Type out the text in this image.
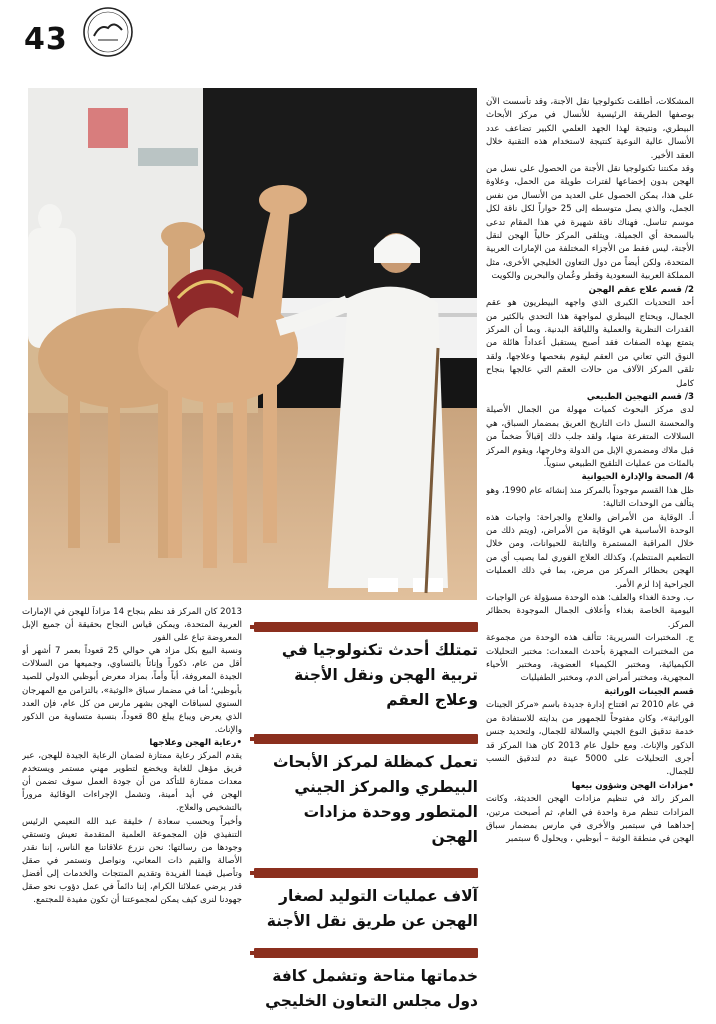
43

المشكلات، أطلقت تكنولوجيا نقل الأجنة، وقد تأسست الآن بوصفها الطريقة الرئيسية للأنسال في مركز الأبحاث البيطري، ونتيجة لهذا الجهد العلمي الكبير تضاعف عدد الأنسال عالية النوعية كنتيجة لاستخدام هذه التقنية خلال العقد الأخير.

وقد مكنتنا تكنولوجيا نقل الأجنة من الحصول على نسل من الهجن بدون إخضاعها لفترات طويلة من الحمل، وعلاوة على هذا، يمكن الحصول على العديد من الأنسال من نفس الجمل، والذي يصل متوسطه إلى 25 حواراً لكل ناقة لكل موسم تناسل. فهناك ناقة شهيرة في هذا المقام تدعى بالسمحة أي الجميلة. ويتلقى المركز حالياً الهجن لنقل الأجنة، ليس فقط من الأجزاء المختلفة من الإمارات العربية المتحدة، ولكن أيضاً من دول التعاون الخليجي الأخرى، مثل المملكة العربية السعودية وقطر وعُمان والبحرين والكويت

2/ قسم علاج عقم الهجن

أحد التحديات الكبرى الذي واجهه البيطريون هو عقم الجمال، ويحتاج البيطري لمواجهة هذا التحدي بالكثير من القدرات النظرية والعملية واللياقة البدنية. وبما أن المركز يتمتع بهذه الصفات فقد أصبح يستقبل أعداداً هائلة من النوق التي تعاني من العقم ليقوم بفحصها وعلاجها، ولقد تلقى المركز الآلاف من حالات العقم التي عالجها بنجاح كامل

3/ قسم التهجين الطبيعي

لدى مركز البحوث كميات مهولة من الجمال الأصيلة والمحسنة النسل ذات التاريخ العريق بمضمار السباق، هي السلالات المتفرعة منها، ولقد جلب ذلك إقبالاً ضخماً من قبل ملاك ومضمري الإبل من الدولة وخارجها، ويقوم المركز بالمئات من عمليات التلقيح الطبيعي سنوياً.

4/ الصحة والإدارة الحيوانية

ظل هذا القسم موجوداً بالمركز منذ إنشائه عام 1990، وهو يتألف من الوحدات التالية:

أ. الوقاية من الأمراض والعلاج والجراحة: واجبات هذه الوحدة الأساسية هي الوقاية من الأمراض، (ويتم ذلك من خلال المراقبة المستمرة والثابتة للحيوانات، ومن خلال التطعيم المنتظم)، وكذلك العلاج الفوري لما يصيب أي من الهجن بحظائر المركز من مرض، بما في ذلك العمليات الجراحية إذا لزم الأمر.

ب. وحدة الغذاء والعلف: هذه الوحدة مسؤولة عن الواجبات اليومية الخاصة بغذاء وأعلاف الجمال الموجودة بحظائر المركز.

ج. المختبرات السريرية: تتألف هذه الوحدة من مجموعة من المختبرات المجهزة بأحدث المعدات: مختبر التحليلات الكيميائية، ومختبر الكيمياء العضوية، ومختبر الأحياء المجهرية، ومختبر أمراض الدم، ومختبر الطفيليات

قسم الجينات الوراثية

في عام 2010 تم افتتاح إدارة جديدة باسم «مركز الجينات الوراثية»، وكان مفتوحاً للجمهور من بدايته للاستفادة من خدمة تدقيق النوع الجيني والسلالة للجمال، ولتحديد جنس الذكور والإناث. ومع حلول عام 2013 كان هذا المركز قد أجرى التحليلات على 5000 عينة دم لتدقيق النسب للجمال.

•مزادات الهجن وشؤون بيعها

المركز رائد في تنظيم مزادات الهجن الحديثة، وكانت المزادات تنظم مرة واحدة في العام، ثم أصبحت مرتين، إحداهما في سبتمبر والأخرى في مارس بمضمار سباق الهجن في منطقة الوثبة – أبوظبي ، ويحلول 6 سبتمبر

تمتلك أحدث تكنولوجيا في تربية الهجن ونقل الأجنة وعلاج العقم
تعمل كمظلة لمركز الأبحاث البيطري والمركز الجيني المتطور ووحدة مزادات الهجن
آلاف عمليات التوليد لصغار الهجن عن طريق نقل الأجنة
خدماتها متاحة وتشمل كافة دول مجلس التعاون الخليجي

2013 كان المركز قد نظم بنجاح 14 مزاداً للهجن في الإمارات العربية المتحدة، ويمكن قياس النجاح بحقيقة أن جميع الإبل المعروضة تباع على الفور

ونسبة البيع بكل مزاد هي حوالي 25 قعوداً بعمر 7 أشهر أو أقل من عام، ذكوراً وإناثاً بالتساوي، وجميعها من السلالات الجيدة المعروفة، أباً وأماً، بمزاد معرض أبوظبي الدولي للصيد بأبوظبي؛ أما في مضمار سباق «الوثبة»، بالتزامن مع المهرجان السنوي لسباقات الهجن بشهر مارس من كل عام، فإن العدد الذي يعرض ويباع يبلغ 80 قعوداً، بنسبة متساوية من الذكور والإناث.

•رعاية الهجن وعلاجها

يقدم المركز رعاية ممتازة لضمان الرعاية الجيدة للهجن، عبر فريق مؤهل للغاية ويخضع لتطوير مهني مستمر ويستخدم معدات ممتازة للتأكد من أن جودة العمل سوف تضمن أن الهجن في أيد أمينة، وتشمل الإجراءات الوقائية مروراً بالتشخيص والعلاج.

وأخيراً وبحسب سعادة / خليفة عبد الله النعيمي الرئيس التنفيذي فإن المجموعة العلمية المتقدمة تعيش وتستقي وجودها من رسالتها: نحن نزرع علاقاتنا مع الناس، إننا نقدر الأصالة والقيم ذات المعاني، ونواصل ونستمر في صقل وتأصيل قيمنا الفريدة وتقديم المنتجات والخدمات إلى أفضل قدر يرضي عملائنا الكرام، إننا دائماً في عمل دؤوب نحو صقل جهودنا لنرى كيف يمكن لمجموعتنا أن تكون مفيدة للمجتمع.
